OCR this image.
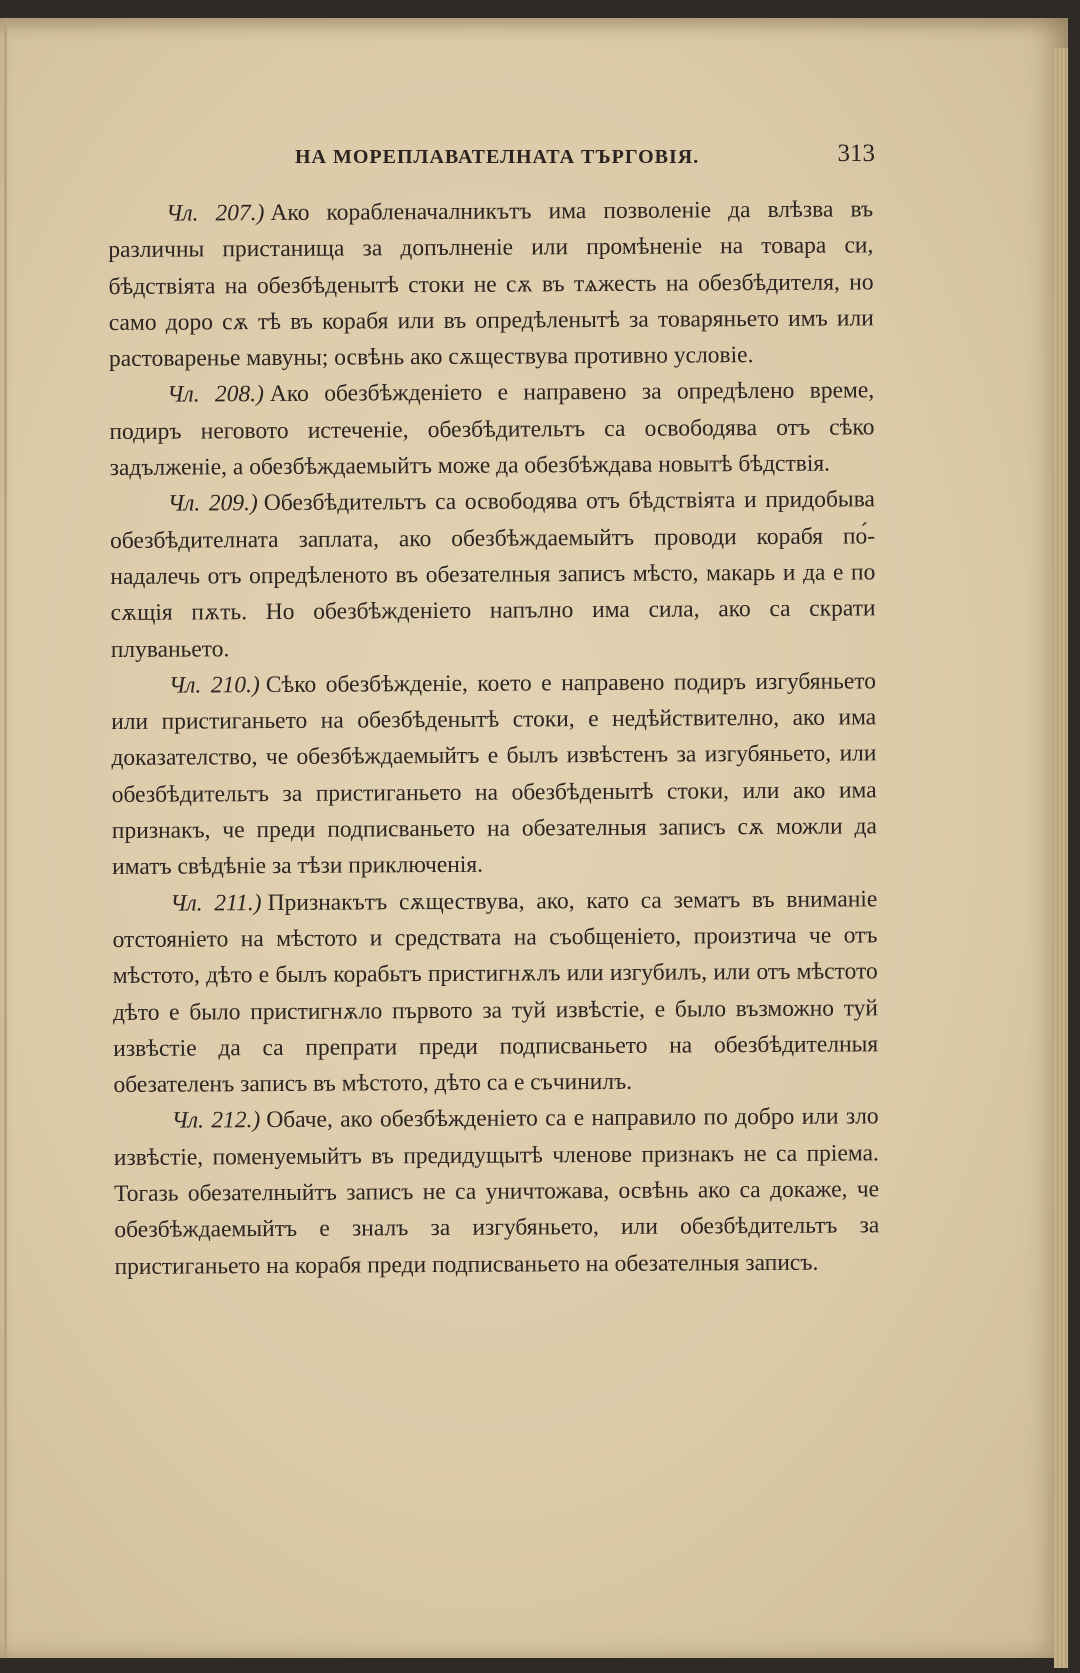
НА МОРЕПЛАВАТЕЛНАТА ТЪРГОВІЯ.	313

Чл. 207.) Ако корабленачалникътъ има позволеніе да влѣзва въ различны пристанища за допълненіе или промѣненіе на товара си, бѣдствіята на обезбѣденытѣ стоки не сѫ въ тѧжесть на обезбѣдителя, но само доро сѫ тѣ въ корабя или въ опредѣленытѣ за товаряньето имъ или растовареньe мавуны; освѣнь ако сѫществува противно условіе.

Чл. 208.) Ако обезбѣжденіето е направено за опредѣлено време, подиръ неговото истеченіе, обезбѣдительтъ са освободява отъ сѣко задълженіе, а обезбѣждаемыйтъ може да обезбѣждава новытѣ бѣдствія.

Чл. 209.) Обезбѣдительтъ са освободява отъ бѣдствіята и придобыва обезбѣдителната заплата, ако обезбѣждаемыйтъ проводи корабя по́-надалечь отъ опредѣленото въ обезателныя записъ мѣсто, макарь и да е по сѫщія пѫть. Но обезбѣжденіето напълно има сила, ако са скрати плуваньето.

Чл. 210.) Сѣко обезбѣжденіе, което е направено подиръ изгубяньето или пристиганьето на обезбѣденытѣ стоки, е недѣйствително, ако има доказателство, че обезбѣждаемыйтъ е былъ извѣстенъ за изгубяньето, или обезбѣдительтъ за пристиганьето на обезбѣденытѣ стоки, или ако има признакъ, че преди подписваньето на обезателныя записъ сѫ можли да иматъ свѣдѣніе за тѣзи приключенія.

Чл. 211.) Признакътъ сѫществува, ако, като са зематъ въ вниманіе отстояніето на мѣстото и средствата на съобщеніето, произтича че отъ мѣстото, дѣто е былъ корабьтъ пристигнѫлъ или изгубилъ, или отъ мѣстото дѣто е было пристигнѫло първото за туй извѣстіе, е было възможно туй извѣстіе да са препрати преди подписваньето на обезбѣдителныя обезателенъ записъ въ мѣстото, дѣто са е съчинилъ.

Чл. 212.) Обаче, ако обезбѣжденіето са е направило по добро или зло извѣстіе, поменуемыйтъ въ предидущытѣ членове признакъ не са пріема. Тогазь обезателныйтъ записъ не са уничтожава, освѣнь ако са докаже, че обезбѣждаемыйтъ е зналъ за изгубяньето, или обезбѣдительтъ за пристиганьето на корабя преди подписваньето на обезателныя записъ.
